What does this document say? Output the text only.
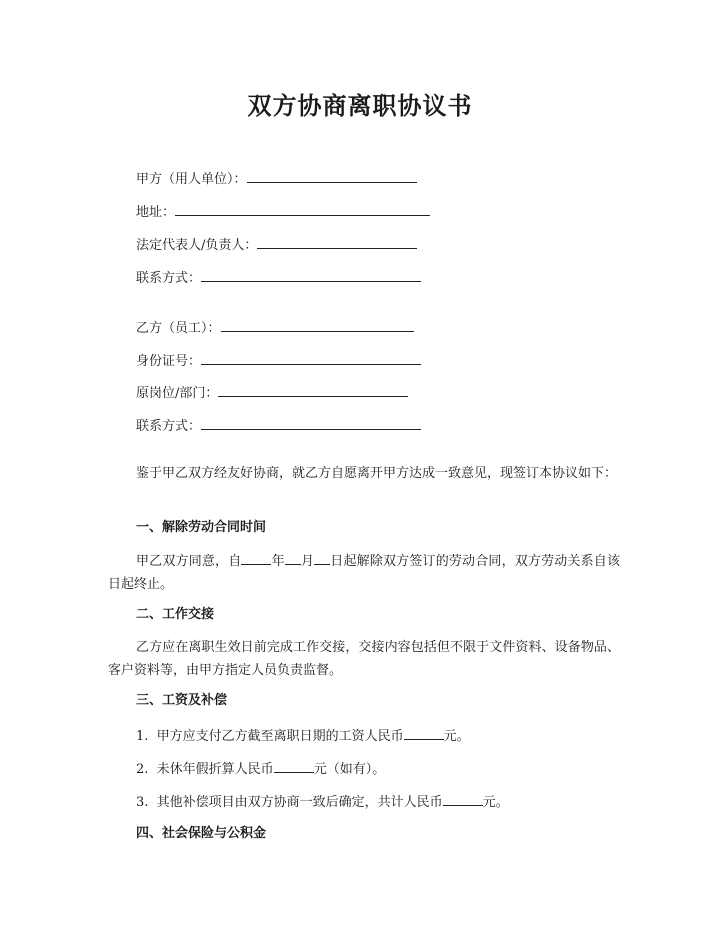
双方协商离职协议书
甲方（用人单位）：
地址：
法定代表人/负责人：
联系方式：
乙方（员工）：
身份证号：
原岗位/部门：
联系方式：

鉴于甲乙双方经友好协商，就乙方自愿离开甲方达成一致意见，现签订本协议如下：

一、解除劳动合同时间

甲乙双方同意，自 年 月 日起解除双方签订的劳动合同，双方劳动关系自该日起终止。

二、工作交接

乙方应在离职生效日前完成工作交接，交接内容包括但不限于文件资料、设备物品、客户资料等，由甲方指定人员负责监督。

三、工资及补偿

1. 甲方应支付乙方截至离职日期的工资人民币	元。
2. 未休年假折算人民币	元（如有）。
3. 其他补偿项目由双方协商一致后确定，共计人民币	元。

四、社会保险与公积金
